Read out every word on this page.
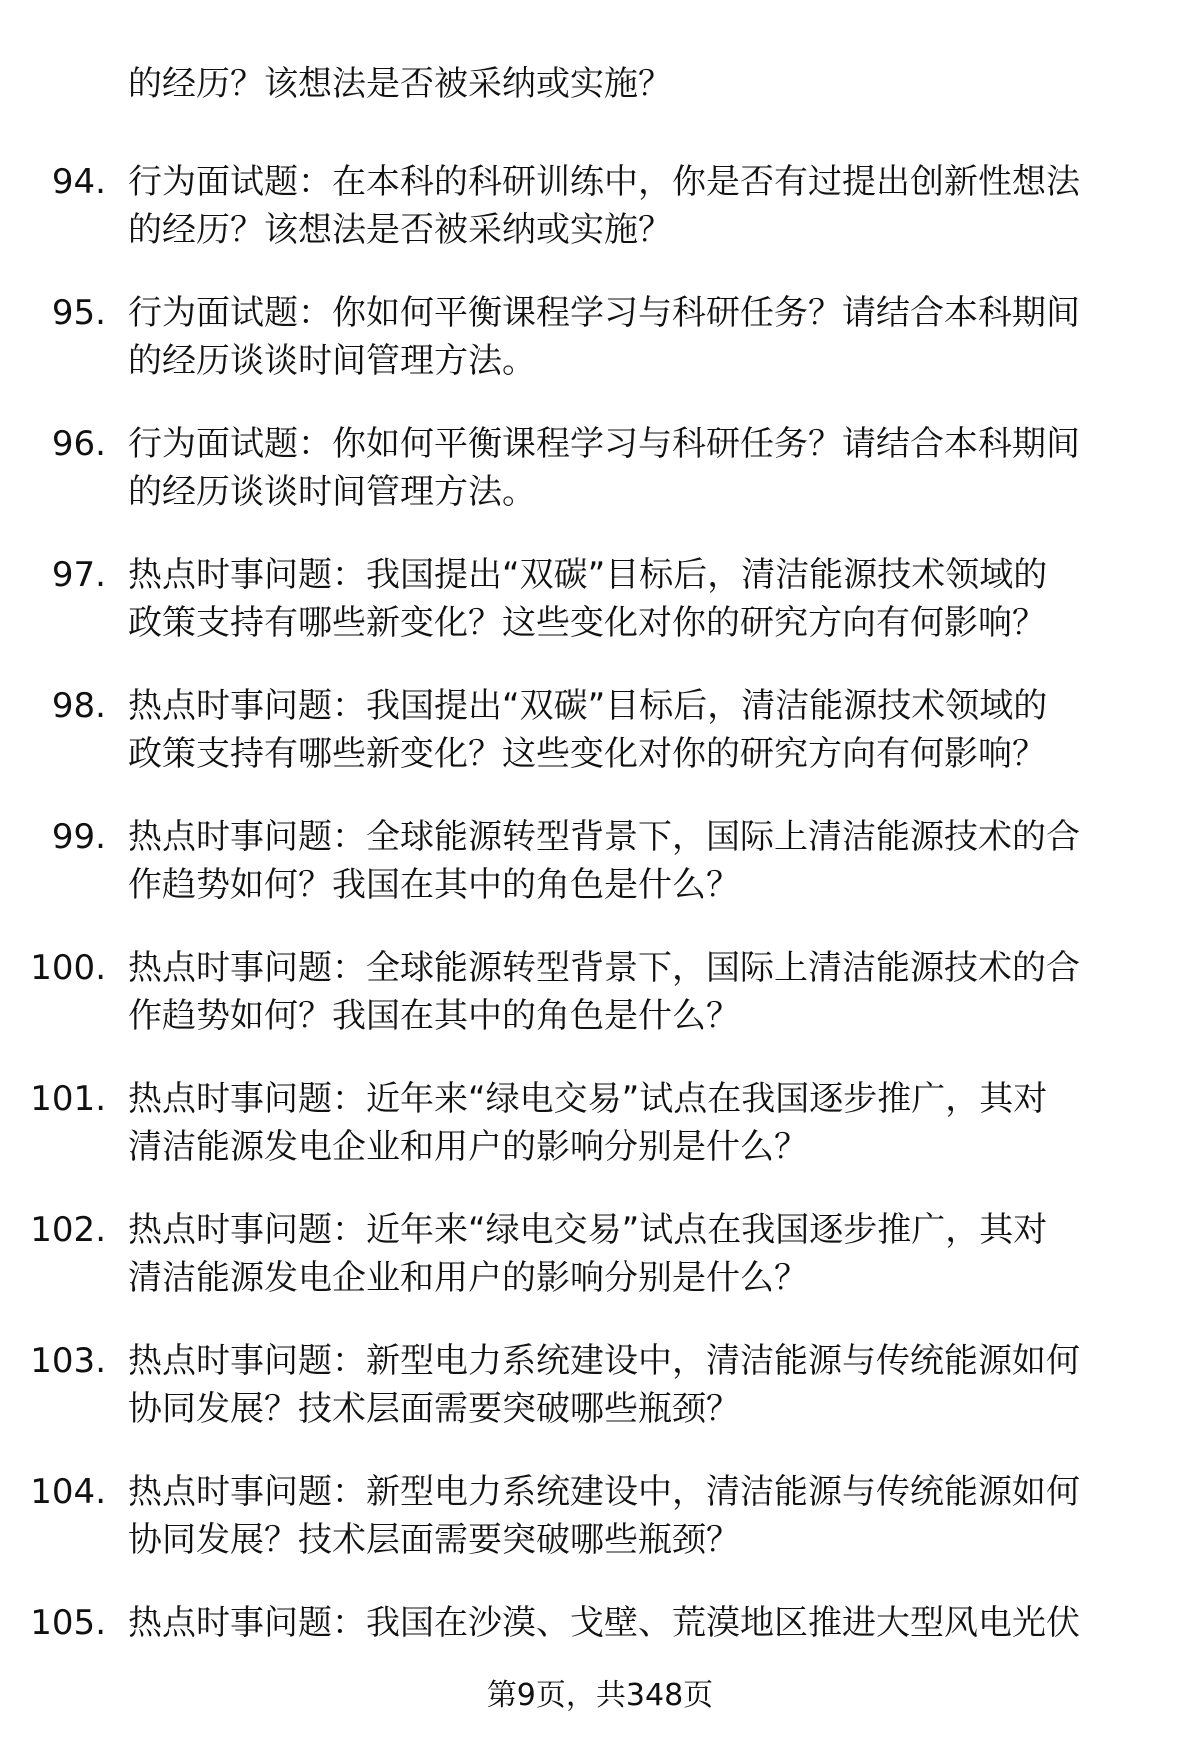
的经历？该想法是否被采纳或实施？
94. 行为面试题：在本科的科研训练中，你是否有过提出创新性想法
的经历？该想法是否被采纳或实施？
95. 行为面试题：你如何平衡课程学习与科研任务？请结合本科期间
的经历谈谈时间管理方法。
96. 行为面试题：你如何平衡课程学习与科研任务？请结合本科期间
的经历谈谈时间管理方法。
97. 热点时事问题：我国提出“双碳”目标后，清洁能源技术领域的
政策支持有哪些新变化？这些变化对你的研究方向有何影响？
98. 热点时事问题：我国提出“双碳”目标后，清洁能源技术领域的
政策支持有哪些新变化？这些变化对你的研究方向有何影响？
99. 热点时事问题：全球能源转型背景下，国际上清洁能源技术的合
作趋势如何？我国在其中的角色是什么？
100. 热点时事问题：全球能源转型背景下，国际上清洁能源技术的合
作趋势如何？我国在其中的角色是什么？
101. 热点时事问题：近年来“绿电交易”试点在我国逐步推广，其对
清洁能源发电企业和用户的影响分别是什么？
102. 热点时事问题：近年来“绿电交易”试点在我国逐步推广，其对
清洁能源发电企业和用户的影响分别是什么？
103. 热点时事问题：新型电力系统建设中，清洁能源与传统能源如何
协同发展？技术层面需要突破哪些瓶颈？
104. 热点时事问题：新型电力系统建设中，清洁能源与传统能源如何
协同发展？技术层面需要突破哪些瓶颈？
105. 热点时事问题：我国在沙漠、戈壁、荒漠地区推进大型风电光伏
第9页，共348页
